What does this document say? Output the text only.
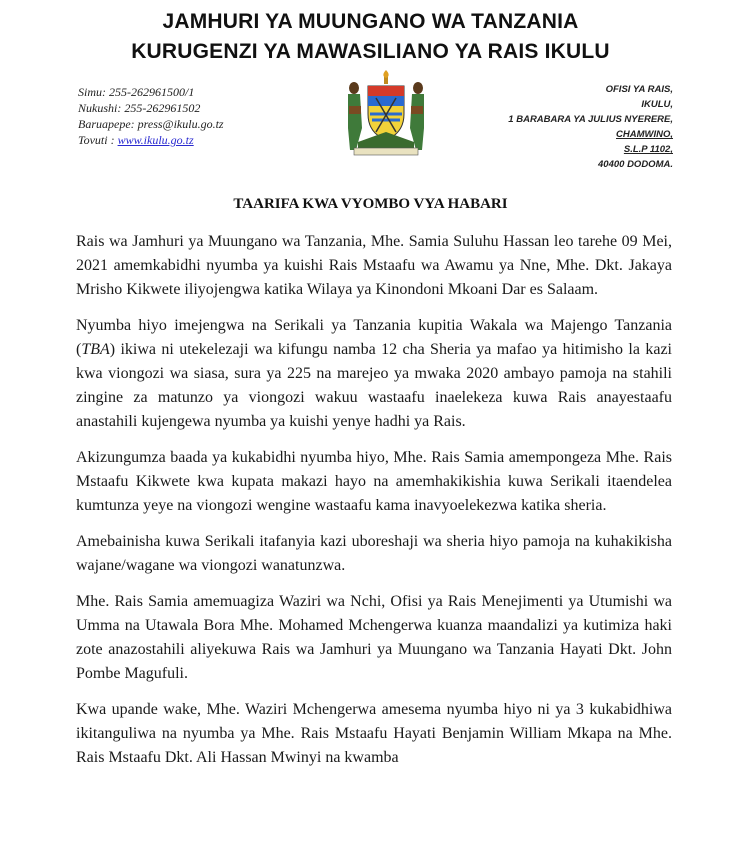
JAMHURI YA MUUNGANO WA TANZANIA
KURUGENZI YA MAWASILIANO YA RAIS IKULU
Simu: 255-262961500/1
Nukushi: 255-262961502
Baruapepe: press@ikulu.go.tz
Tovuti : www.ikulu.go.tz
OFISI YA RAIS,
IKULU,
1 BARABARA YA JULIUS NYERERE,
CHAMWINO,
S.L.P 1102,
40400 DODOMA.
TAARIFA KWA VYOMBO VYA HABARI

Rais wa Jamhuri ya Muungano wa Tanzania, Mhe. Samia Suluhu Hassan leo tarehe 09 Mei, 2021 amemkabidhi nyumba ya kuishi Rais Mstaafu wa Awamu ya Nne, Mhe. Dkt. Jakaya Mrisho Kikwete iliyojengwa katika Wilaya ya Kinondoni Mkoani Dar es Salaam.

Nyumba hiyo imejengwa na Serikali ya Tanzania kupitia Wakala wa Majengo Tanzania (TBA) ikiwa ni utekelezaji wa kifungu namba 12 cha Sheria ya mafao ya hitimisho la kazi kwa viongozi wa siasa, sura ya 225 na marejeo ya mwaka 2020 ambayo pamoja na stahili zingine za matunzo ya viongozi wakuu wastaafu inaelekeza kuwa Rais anayestaafu anastahili kujengewa nyumba ya kuishi yenye hadhi ya Rais.

Akizungumza baada ya kukabidhi nyumba hiyo, Mhe. Rais Samia amempongeza Mhe. Rais Mstaafu Kikwete kwa kupata makazi hayo na amemhakikishia kuwa Serikali itaendelea kumtunza yeye na viongozi wengine wastaafu kama inavyoelekezwa katika sheria.

Amebainisha kuwa Serikali itafanyia kazi uboreshaji wa sheria hiyo pamoja na kuhakikisha wajane/wagane wa viongozi wanatunzwa.

Mhe. Rais Samia amemuagiza Waziri wa Nchi, Ofisi ya Rais Menejimenti ya Utumishi wa Umma na Utawala Bora Mhe. Mohamed Mchengerwa kuanza maandalizi ya kutimiza haki zote anazostahili aliyekuwa Rais wa Jamhuri ya Muungano wa Tanzania Hayati Dkt. John Pombe Magufuli.

Kwa upande wake, Mhe. Waziri Mchengerwa amesema nyumba hiyo ni ya 3 kukabidhiwa ikitanguliwa na nyumba ya Mhe. Rais Mstaafu Hayati Benjamin William Mkapa na Mhe. Rais Mstaafu Dkt. Ali Hassan Mwinyi na kwamba
